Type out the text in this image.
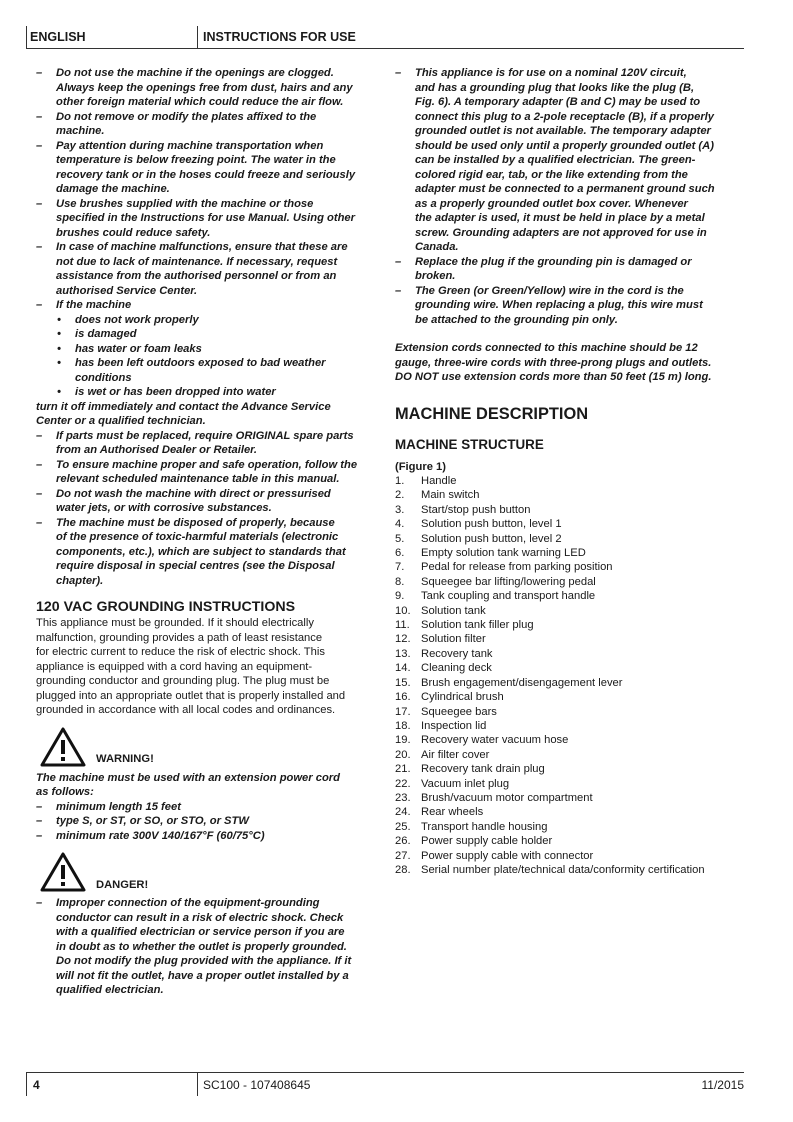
ENGLISH	INSTRUCTIONS FOR USE
– Do not use the machine if the openings are clogged.
Always keep the openings free from dust, hairs and any
other foreign material which could reduce the air flow.
– Do not remove or modify the plates affixed to the
machine.
– Pay attention during machine transportation when
temperature is below freezing point. The water in the
recovery tank or in the hoses could freeze and seriously
damage the machine.
– Use brushes supplied with the machine or those
specified in the Instructions for use Manual. Using other
brushes could reduce safety.
– In case of machine malfunctions, ensure that these are
not due to lack of maintenance. If necessary, request
assistance from the authorised personnel or from an
authorised Service Center.
– If the machine
• does not work properly
• is damaged
• has water or foam leaks
• has been left outdoors exposed to bad weather
conditions
• is wet or has been dropped into water
turn it off immediately and contact the Advance Service
Center or a qualified technician.
– If parts must be replaced, require ORIGINAL spare parts
from an Authorised Dealer or Retailer.
– To ensure machine proper and safe operation, follow the
relevant scheduled maintenance table in this manual.
– Do not wash the machine with direct or pressurised
water jets, or with corrosive substances.
– The machine must be disposed of properly, because
of the presence of toxic-harmful materials (electronic
components, etc.), which are subject to standards that
require disposal in special centres (see the Disposal
chapter).
120 VAC GROUNDING INSTRUCTIONS
This appliance must be grounded. If it should electrically
malfunction, grounding provides a path of least resistance
for electric current to reduce the risk of electric shock. This
appliance is equipped with a cord having an equipment-
grounding conductor and grounding plug. The plug must be
plugged into an appropriate outlet that is properly installed and
grounded in accordance with all local codes and ordinances.
WARNING!
The machine must be used with an extension power cord
as follows:
– minimum length 15 feet
– type S, or ST, or SO, or STO, or STW
– minimum rate 300V 140/167°F (60/75°C)
DANGER!
– Improper connection of the equipment-grounding
conductor can result in a risk of electric shock. Check
with a qualified electrician or service person if you are
in doubt as to whether the outlet is properly grounded.
Do not modify the plug provided with the appliance. If it
will not fit the outlet, have a proper outlet installed by a
qualified electrician.
– This appliance is for use on a nominal 120V circuit,
and has a grounding plug that looks like the plug (B,
Fig. 6). A temporary adapter (B and C) may be used to
connect this plug to a 2-pole receptacle (B), if a properly
grounded outlet is not available. The temporary adapter
should be used only until a properly grounded outlet (A)
can be installed by a qualified electrician. The green-
colored rigid ear, tab, or the like extending from the
adapter must be connected to a permanent ground such
as a properly grounded outlet box cover. Whenever
the adapter is used, it must be held in place by a metal
screw. Grounding adapters are not approved for use in
Canada.
– Replace the plug if the grounding pin is damaged or
broken.
– The Green (or Green/Yellow) wire in the cord is the
grounding wire. When replacing a plug, this wire must
be attached to the grounding pin only.
Extension cords connected to this machine should be 12
gauge, three-wire cords with three-prong plugs and outlets.
DO NOT use extension cords more than 50 feet (15 m) long.
MACHINE DESCRIPTION
MACHINE STRUCTURE
(Figure 1)
1. Handle
2. Main switch
3. Start/stop push button
4. Solution push button, level 1
5. Solution push button, level 2
6. Empty solution tank warning LED
7. Pedal for release from parking position
8. Squeegee bar lifting/lowering pedal
9. Tank coupling and transport handle
10. Solution tank
11. Solution tank filler plug
12. Solution filter
13. Recovery tank
14. Cleaning deck
15. Brush engagement/disengagement lever
16. Cylindrical brush
17. Squeegee bars
18. Inspection lid
19. Recovery water vacuum hose
20. Air filter cover
21. Recovery tank drain plug
22. Vacuum inlet plug
23. Brush/vacuum motor compartment
24. Rear wheels
25. Transport handle housing
26. Power supply cable holder
27. Power supply cable with connector
28. Serial number plate/technical data/conformity certification
4	SC100 - 107408645	11/2015
